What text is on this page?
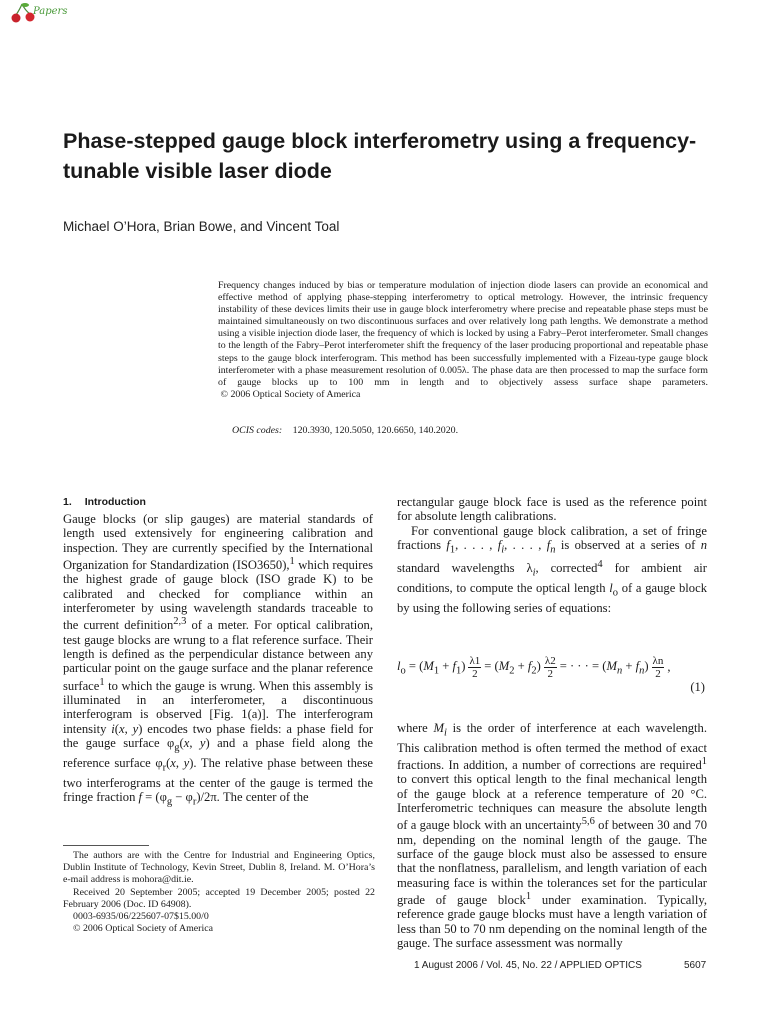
Papers
Phase-stepped gauge block interferometry using a frequency-tunable visible laser diode
Michael O’Hora, Brian Bowe, and Vincent Toal

Frequency changes induced by bias or temperature modulation of injection diode lasers can provide an economical and effective method of applying phase-stepping interferometry to optical metrology. However, the intrinsic frequency instability of these devices limits their use in gauge block interferometry where precise and repeatable phase steps must be maintained simultaneously on two discontinuous surfaces and over relatively long path lengths. We demonstrate a method using a visible injection diode laser, the frequency of which is locked by using a Fabry–Perot interferometer. Small changes to the length of the Fabry–Perot interferometer shift the frequency of the laser producing proportional and repeatable phase steps to the gauge block interferogram. This method has been successfully implemented with a Fizeau-type gauge block interferometer with a phase measurement resolution of 0.005λ. The phase data are then processed to map the surface form of gauge blocks up to 100 mm in length and to objectively assess surface shape parameters.  © 2006 Optical Society of America

OCIS codes: 120.3930, 120.5050, 120.6650, 140.2020.
1. Introduction

Gauge blocks (or slip gauges) are material standards of length used extensively for engineering calibration and inspection. They are currently specified by the International Organization for Standardization (ISO3650),$^1$ which requires the highest grade of gauge block (ISO grade K) to be calibrated and checked for compliance within an interferometer by using wavelength standards traceable to the current definition$^{2,3}$ of a meter. For optical calibration, test gauge blocks are wrung to a flat reference surface. Their length is defined as the perpendicular distance between any particular point on the gauge surface and the planar reference surface$^1$ to which the gauge is wrung. When this assembly is illuminated in an interferometer, a discontinuous interferogram is observed [Fig. 1(a)]. The interferogram intensity i(x, y) encodes two phase fields: a phase field for the gauge surface $\varphi_g(x$, y) and a phase field along the reference surface $\varphi_r(x$, y). The relative phase between these two interferograms at the center of the gauge is termed the fringe fraction $f = (\varphi_g - \varphi_r)/2\pi$. The center of the

rectangular gauge block face is used as the reference point for absolute length calibrations.

For conventional gauge block calibration, a set of fringe fractions $f_1$, . . . , $f_i$, . . . , $f_n$ is observed at a series of n standard wavelengths $\lambda_i$, corrected$^4$ for ambient air conditions, to compute the optical length $l_o$ of a gauge block by using the following series of equations:

$l_o = (M_1 + f_1) \frac{\lambda 1}{2} = (M_2 + f_2) \frac{\lambda 2}{2}$ = · · · = $(M_n + f_n) \frac{\lambda n}{2}$ ,
(1)

where $M_i$ is the order of interference at each wavelength. This calibration method is often termed the method of exact fractions. In addition, a number of corrections are required$^1$ to convert this optical length to the final mechanical length of the gauge block at a reference temperature of 20 °C. Interferometric techniques can measure the absolute length of a gauge block with an uncertainty$^{5,6}$ of between 30 and 70 nm, depending on the nominal length of the gauge. The surface of the gauge block must also be assessed to ensure that the nonflatness, parallelism, and length variation of each measuring face is within the tolerances set for the particular grade of gauge block$^1$ under examination. Typically, reference grade gauge blocks must have a length variation of less than 50 to 70 nm depending on the nominal length of the gauge. The surface assessment was normally

The authors are with the Centre for Industrial and Engineering Optics, Dublin Institute of Technology, Kevin Street, Dublin 8, Ireland. M. O’Hora’s e-mail address is mohora@dit.ie.

Received 20 September 2005; accepted 19 December 2005; posted 22 February 2006 (Doc. ID 64908).

0003-6935/06/225607-07$15.00/0

© 2006 Optical Society of America

1 August 2006 / Vol. 45, No. 22 / APPLIED OPTICS	5607
